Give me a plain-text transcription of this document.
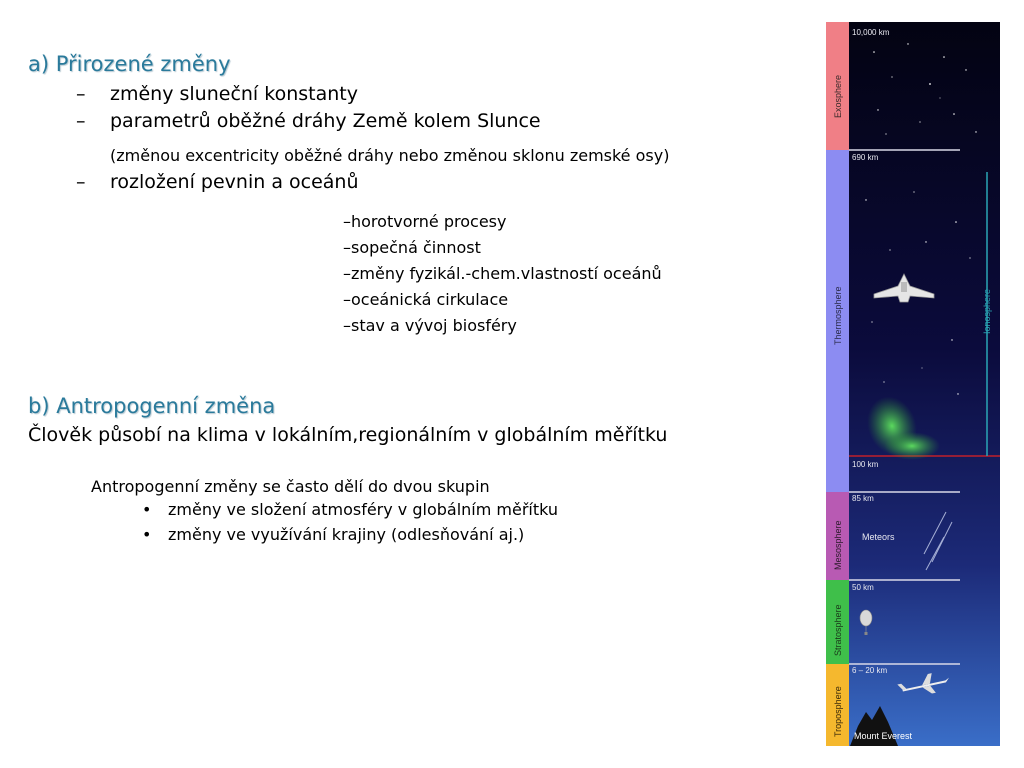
a) Přirozené změny
– změny sluneční konstanty
– parametrů oběžné dráhy Země kolem Slunce
(změnou excentricity oběžné dráhy nebo změnou sklonu zemské osy)
– rozložení pevnin a oceánů
–horotvorné procesy
–sopečná činnost
–změny fyzikál.-chem.vlastností oceánů
–oceánická cirkulace
–stav a vývoj biosféry
b) Antropogenní změna
Člověk působí na klima v lokálním,regionálním v globálním měřítku
Antropogenní změny se často dělí do dvou skupin
• změny ve složení atmosféry v globálním měřítku
• změny ve využívání krajiny (odlesňování aj.)
Exosphere
Thermosphere
Mesosphere
Stratosphere
Troposphere
10,000 km
690 km
100 km
85 km
50 km
6 – 20 km
Ionosphere
Meteors
Mount Everest
